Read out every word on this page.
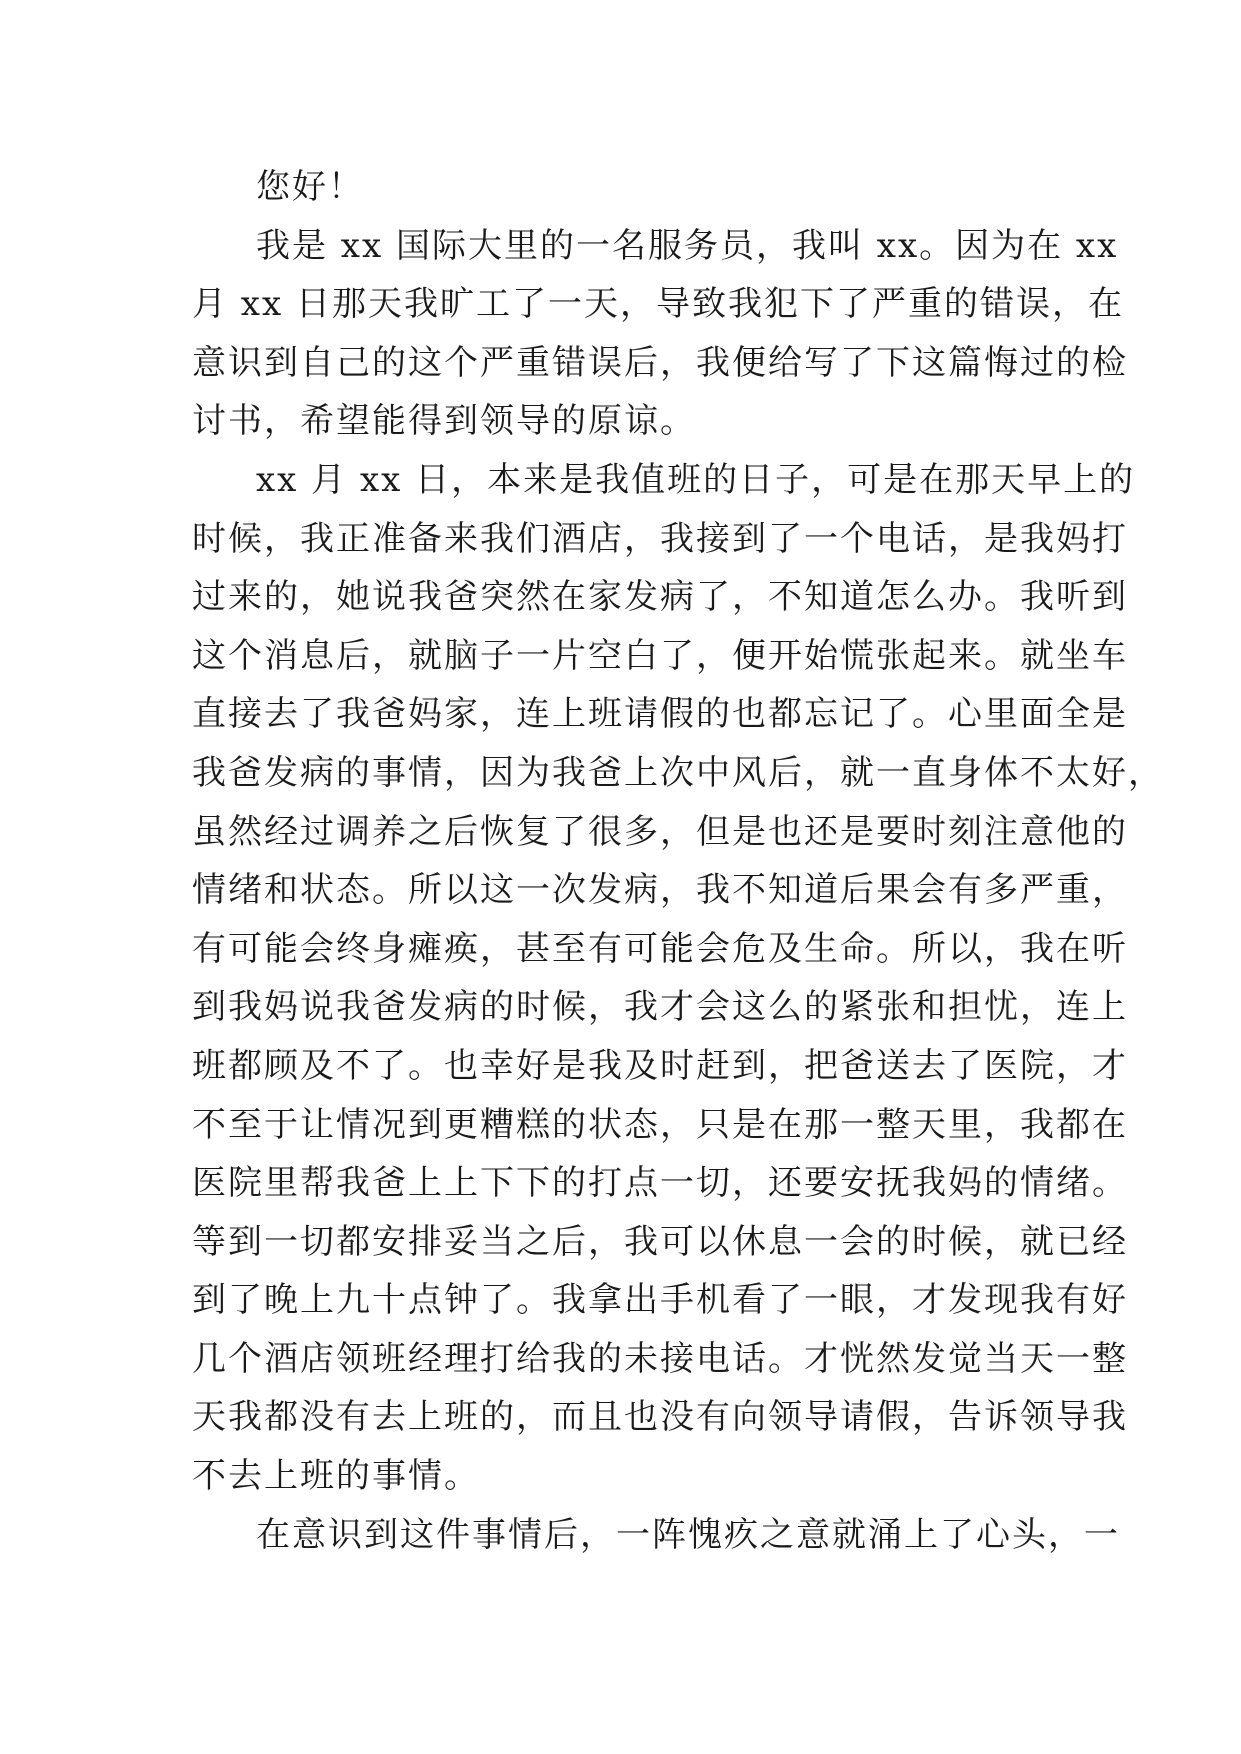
您好！
我是 xx 国际大里的一名服务员，我叫 xx。因为在 xx
月 xx 日那天我旷工了一天，导致我犯下了严重的错误，在
意识到自己的这个严重错误后，我便给写了下这篇悔过的检
讨书，希望能得到领导的原谅。
xx 月 xx 日，本来是我值班的日子，可是在那天早上的
时候，我正准备来我们酒店，我接到了一个电话，是我妈打
过来的，她说我爸突然在家发病了，不知道怎么办。我听到
这个消息后，就脑子一片空白了，便开始慌张起来。就坐车
直接去了我爸妈家，连上班请假的也都忘记了。心里面全是
我爸发病的事情，因为我爸上次中风后，就一直身体不太好，
虽然经过调养之后恢复了很多，但是也还是要时刻注意他的
情绪和状态。所以这一次发病，我不知道后果会有多严重，
有可能会终身瘫痪，甚至有可能会危及生命。所以，我在听
到我妈说我爸发病的时候，我才会这么的紧张和担忧，连上
班都顾及不了。也幸好是我及时赶到，把爸送去了医院，才
不至于让情况到更糟糕的状态，只是在那一整天里，我都在
医院里帮我爸上上下下的打点一切，还要安抚我妈的情绪。
等到一切都安排妥当之后，我可以休息一会的时候，就已经
到了晚上九十点钟了。我拿出手机看了一眼，才发现我有好
几个酒店领班经理打给我的未接电话。才恍然发觉当天一整
天我都没有去上班的，而且也没有向领导请假，告诉领导我
不去上班的事情。
在意识到这件事情后，一阵愧疚之意就涌上了心头，一
